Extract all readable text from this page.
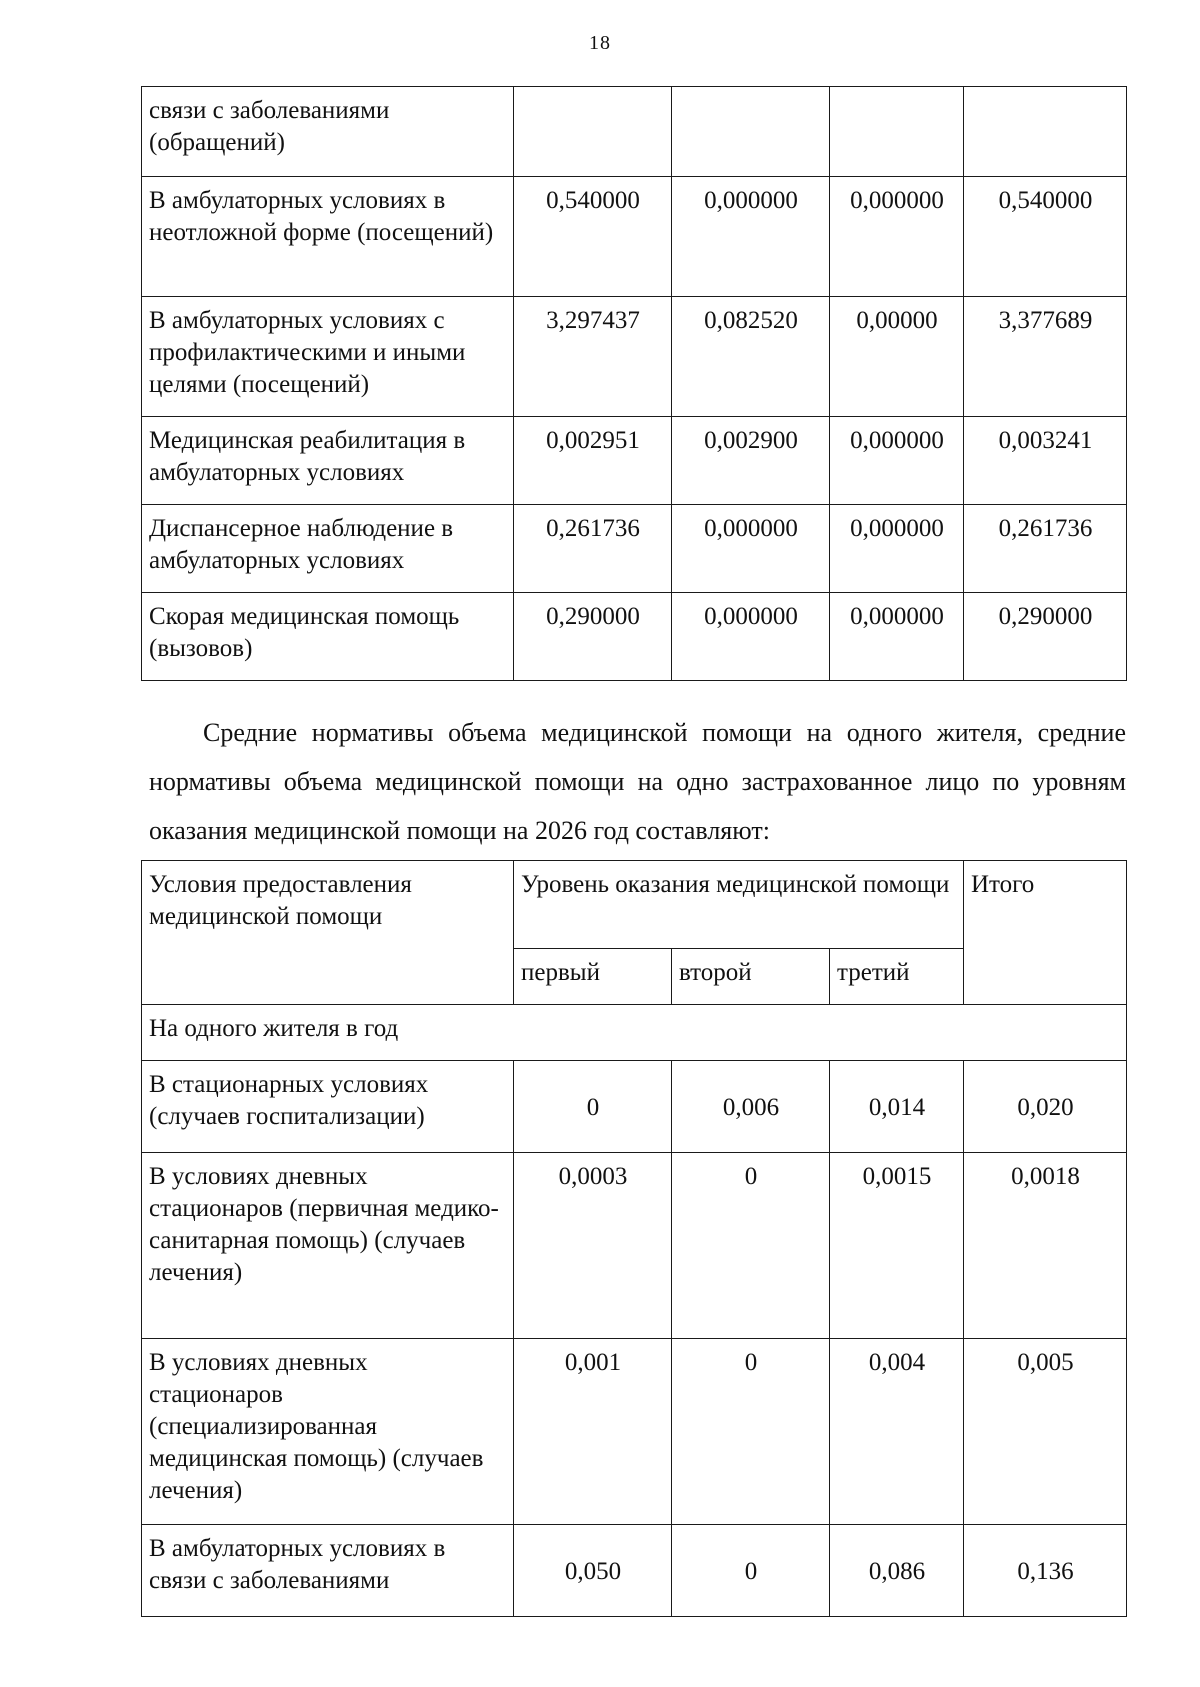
18
связи с заболеваниями (обращений)				
В амбулаторных условиях в неотложной форме (посещений)	0,540000	0,000000	0,000000	0,540000
В амбулаторных условиях с профилактическими и иными целями (посещений)	3,297437	0,082520	0,00000	3,377689
Медицинская реабилитация в амбулаторных условиях	0,002951	0,002900	0,000000	0,003241
Диспансерное наблюдение в амбулаторных условиях	0,261736	0,000000	0,000000	0,261736
Скорая медицинская помощь (вызовов)	0,290000	0,000000	0,000000	0,290000

Средние нормативы объема медицинской помощи на одного жителя, средние нормативы объема медицинской помощи на одно застрахованное лицо по уровням оказания медицинской помощи на 2026 год составляют:

Условия предоставления медицинской помощи	Уровень оказания медицинской помощи			Итого
	первый	второй	третий	
На одного жителя в год				
В стационарных условиях (случаев госпитализации)	0	0,006	0,014	0,020
В условиях дневных стационаров (первичная медико-санитарная помощь) (случаев лечения)	0,0003	0	0,0015	0,0018
В условиях дневных стационаров (специализированная медицинская помощь) (случаев лечения)	0,001	0	0,004	0,005
В амбулаторных условиях в связи с заболеваниями	0,050	0	0,086	0,136
